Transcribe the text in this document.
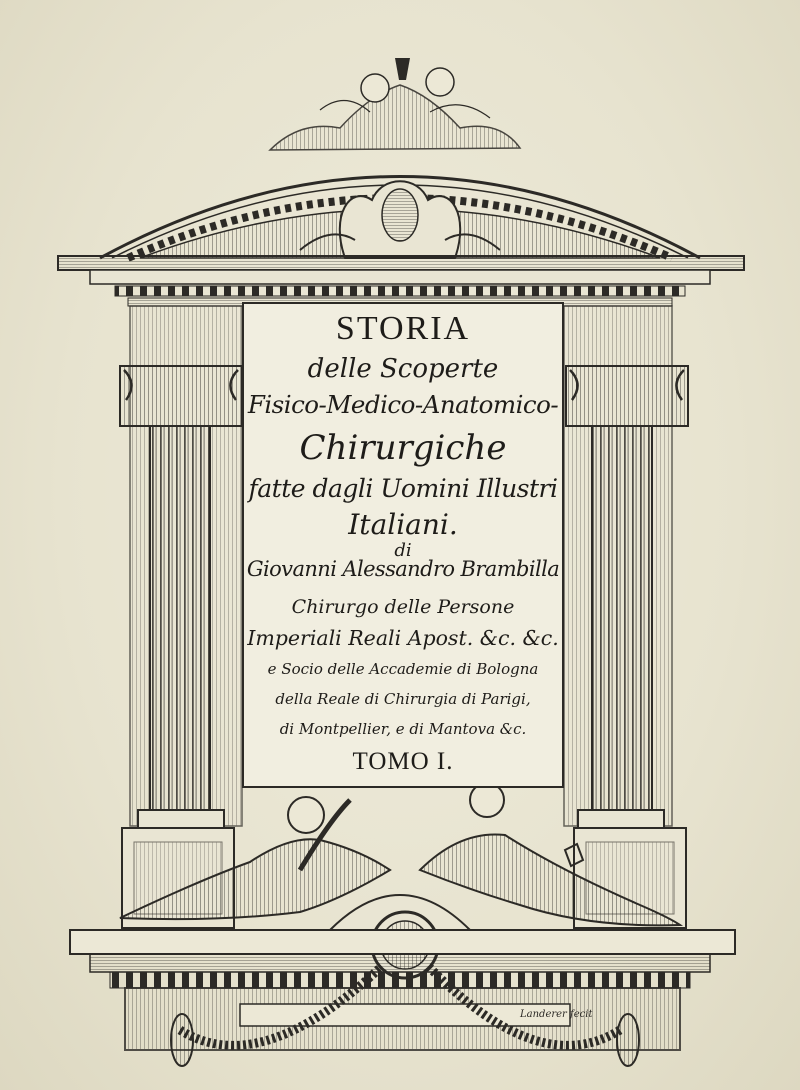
STORIA
delle Scoperte
Fisico-Medico-Anatomico-
Chirurgiche
fatte dagli Uomini Illustri
Italiani.
di
Giovanni Alessandro Brambilla
Chirurgo delle Persone
Imperiali Reali Apost. &c. &c.
e Socio delle Accademie di Bologna
della Reale di Chirurgia di Parigi,
di Montpellier, e di Mantova &c.
TOMO I.
Landerer fecit
